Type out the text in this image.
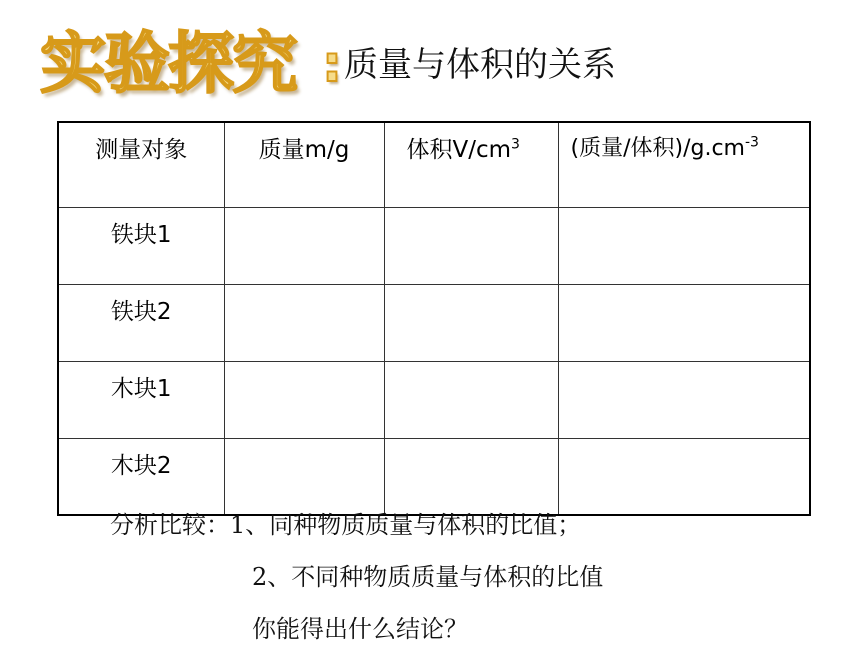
实验探究 : 质量与体积的关系
测量对象	质量m/g	体积$V/cm^3$	(质量/体积)$/g.cm^{-3}$
铁块1			
铁块2			
木块1			
木块2			
分析比较：1、同种物质质量与体积的比值；
2、不同种物质质量与体积的比值
你能得出什么结论？
